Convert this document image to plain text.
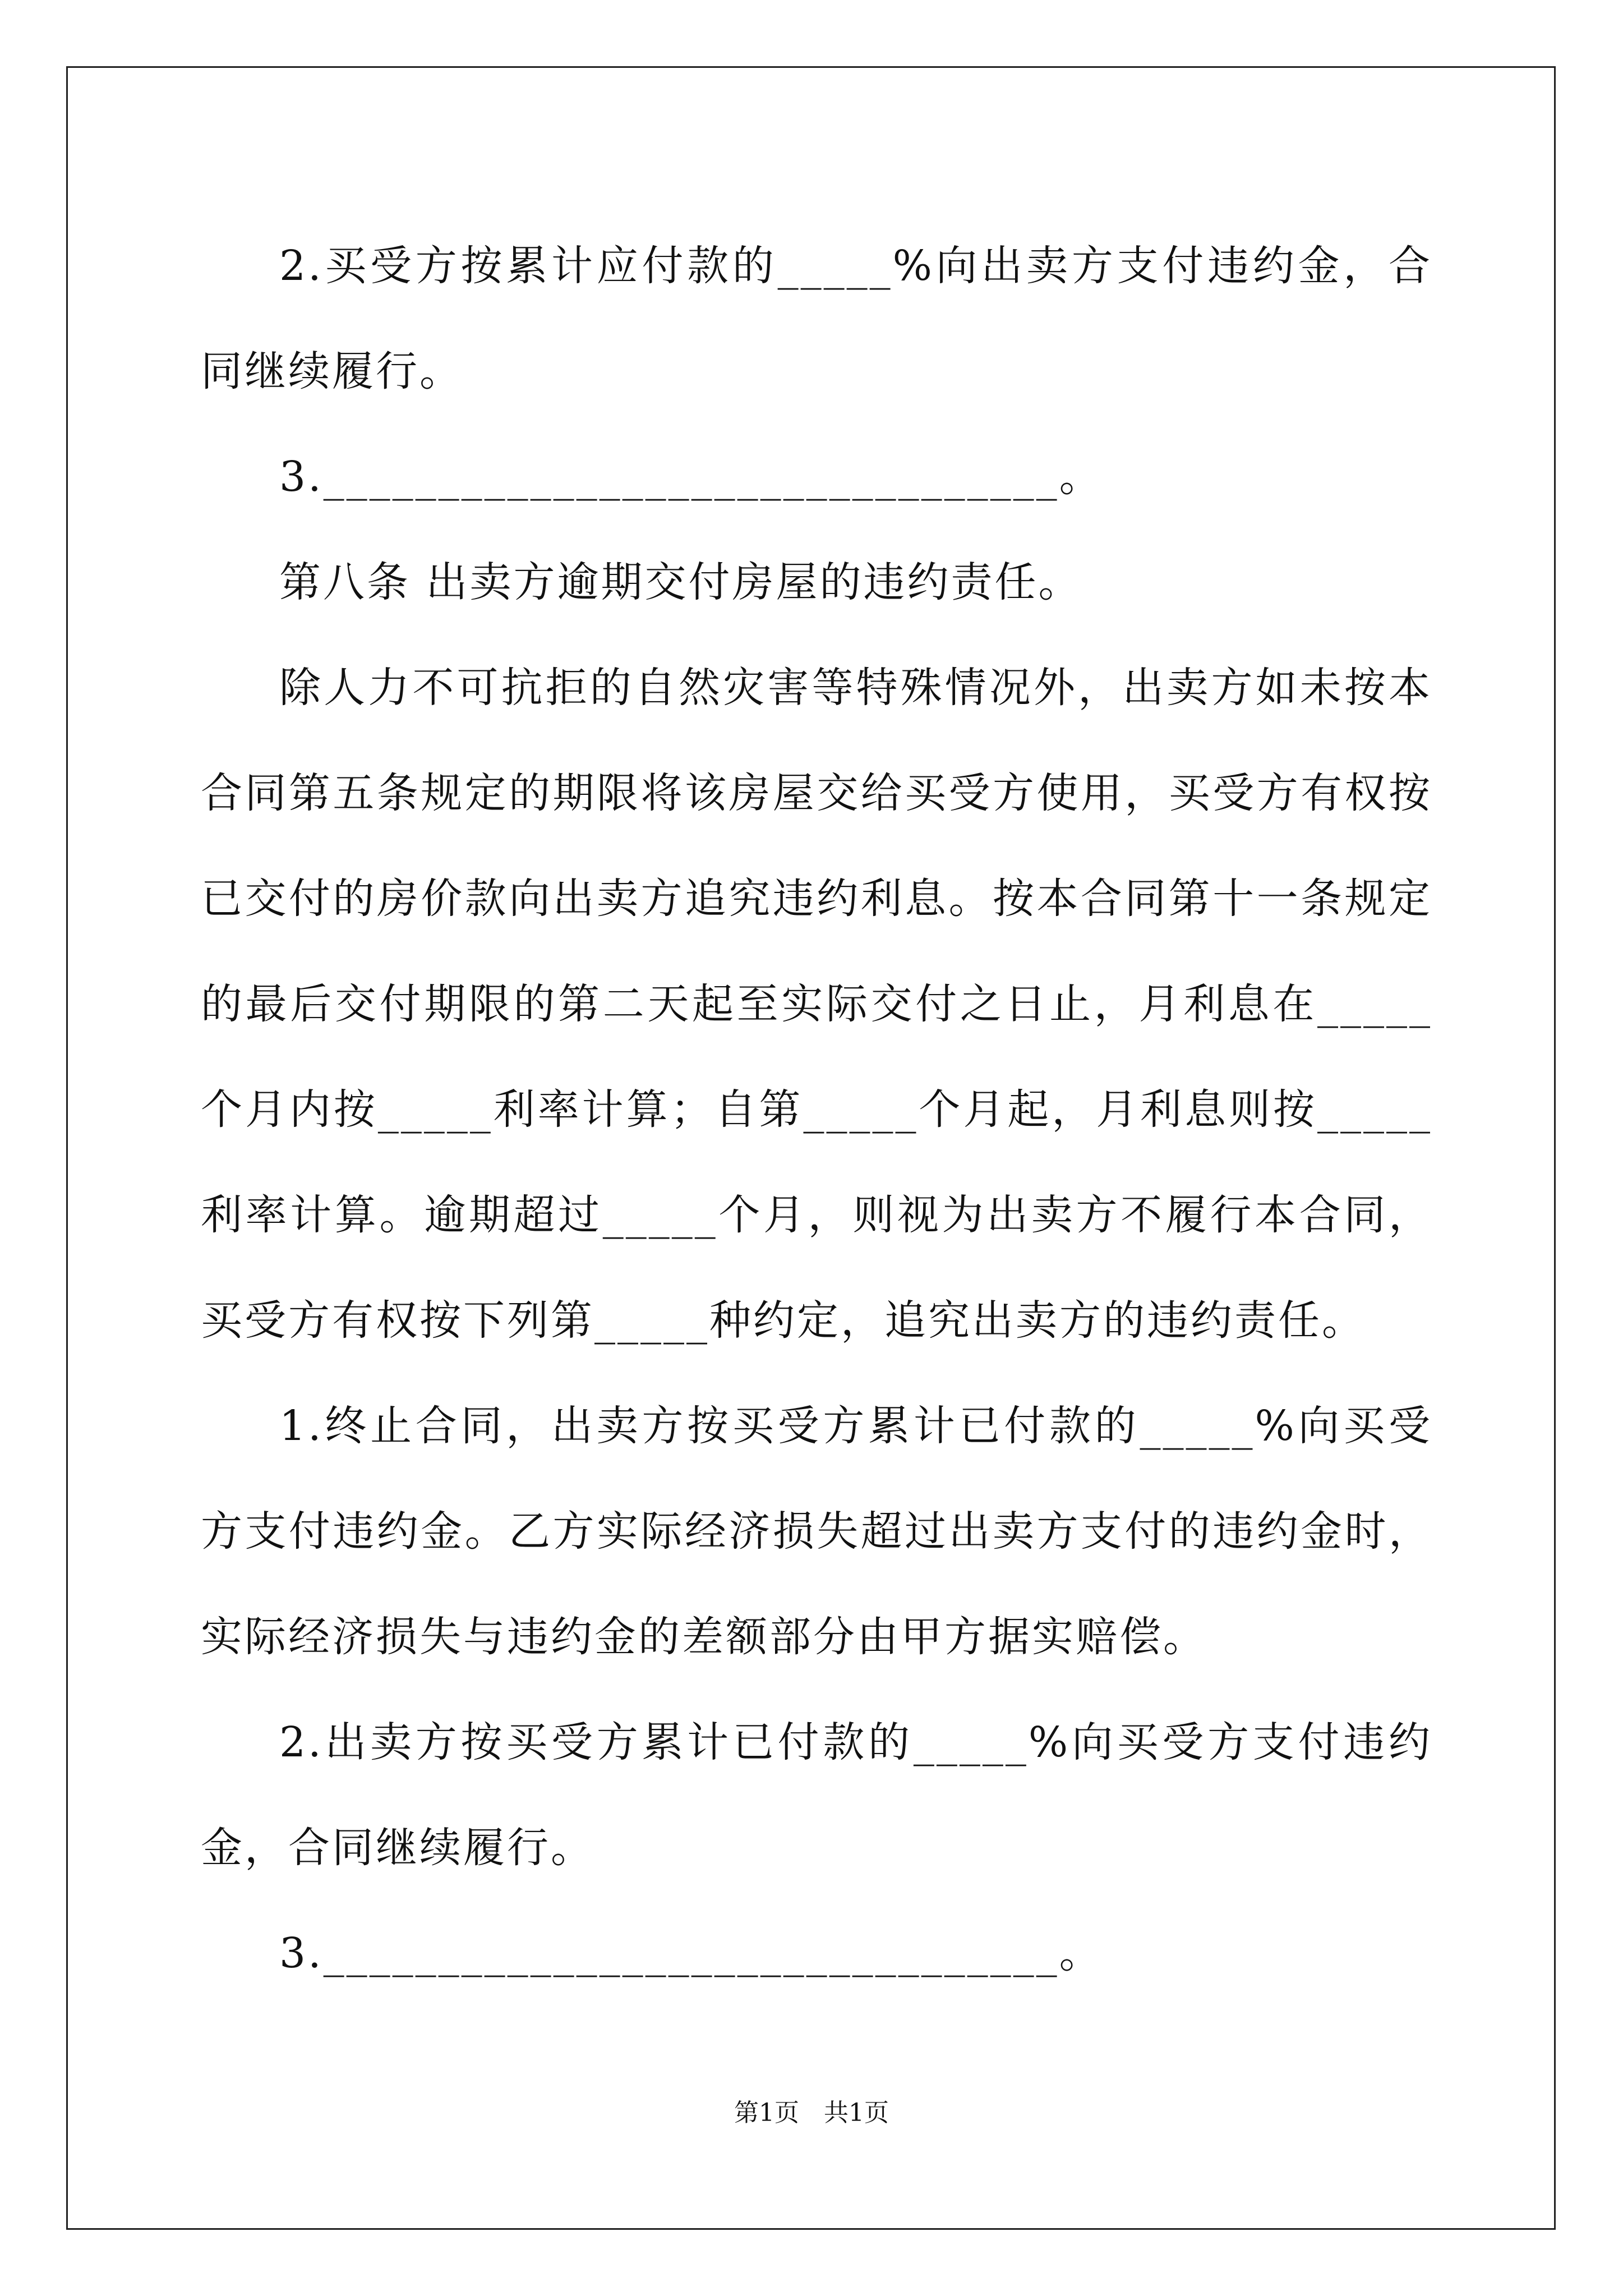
2.买受方按累计应付款的_____%向出卖方支付违约金，合同继续履行。

3.________________________________。

第八条 出卖方逾期交付房屋的违约责任。

除人力不可抗拒的自然灾害等特殊情况外，出卖方如未按本合同第五条规定的期限将该房屋交给买受方使用，买受方有权按已交付的房价款向出卖方追究违约利息。按本合同第十一条规定的最后交付期限的第二天起至实际交付之日止，月利息在_____个月内按_____利率计算；自第_____个月起，月利息则按_____利率计算。逾期超过_____个月，则视为出卖方不履行本合同，买受方有权按下列第_____种约定，追究出卖方的违约责任。

1.终止合同，出卖方按买受方累计已付款的_____%向买受方支付违约金。乙方实际经济损失超过出卖方支付的违约金时，实际经济损失与违约金的差额部分由甲方据实赔偿。

2.出卖方按买受方累计已付款的_____%向买受方支付违约金，合同继续履行。

3.________________________________。

第1页　共1页
